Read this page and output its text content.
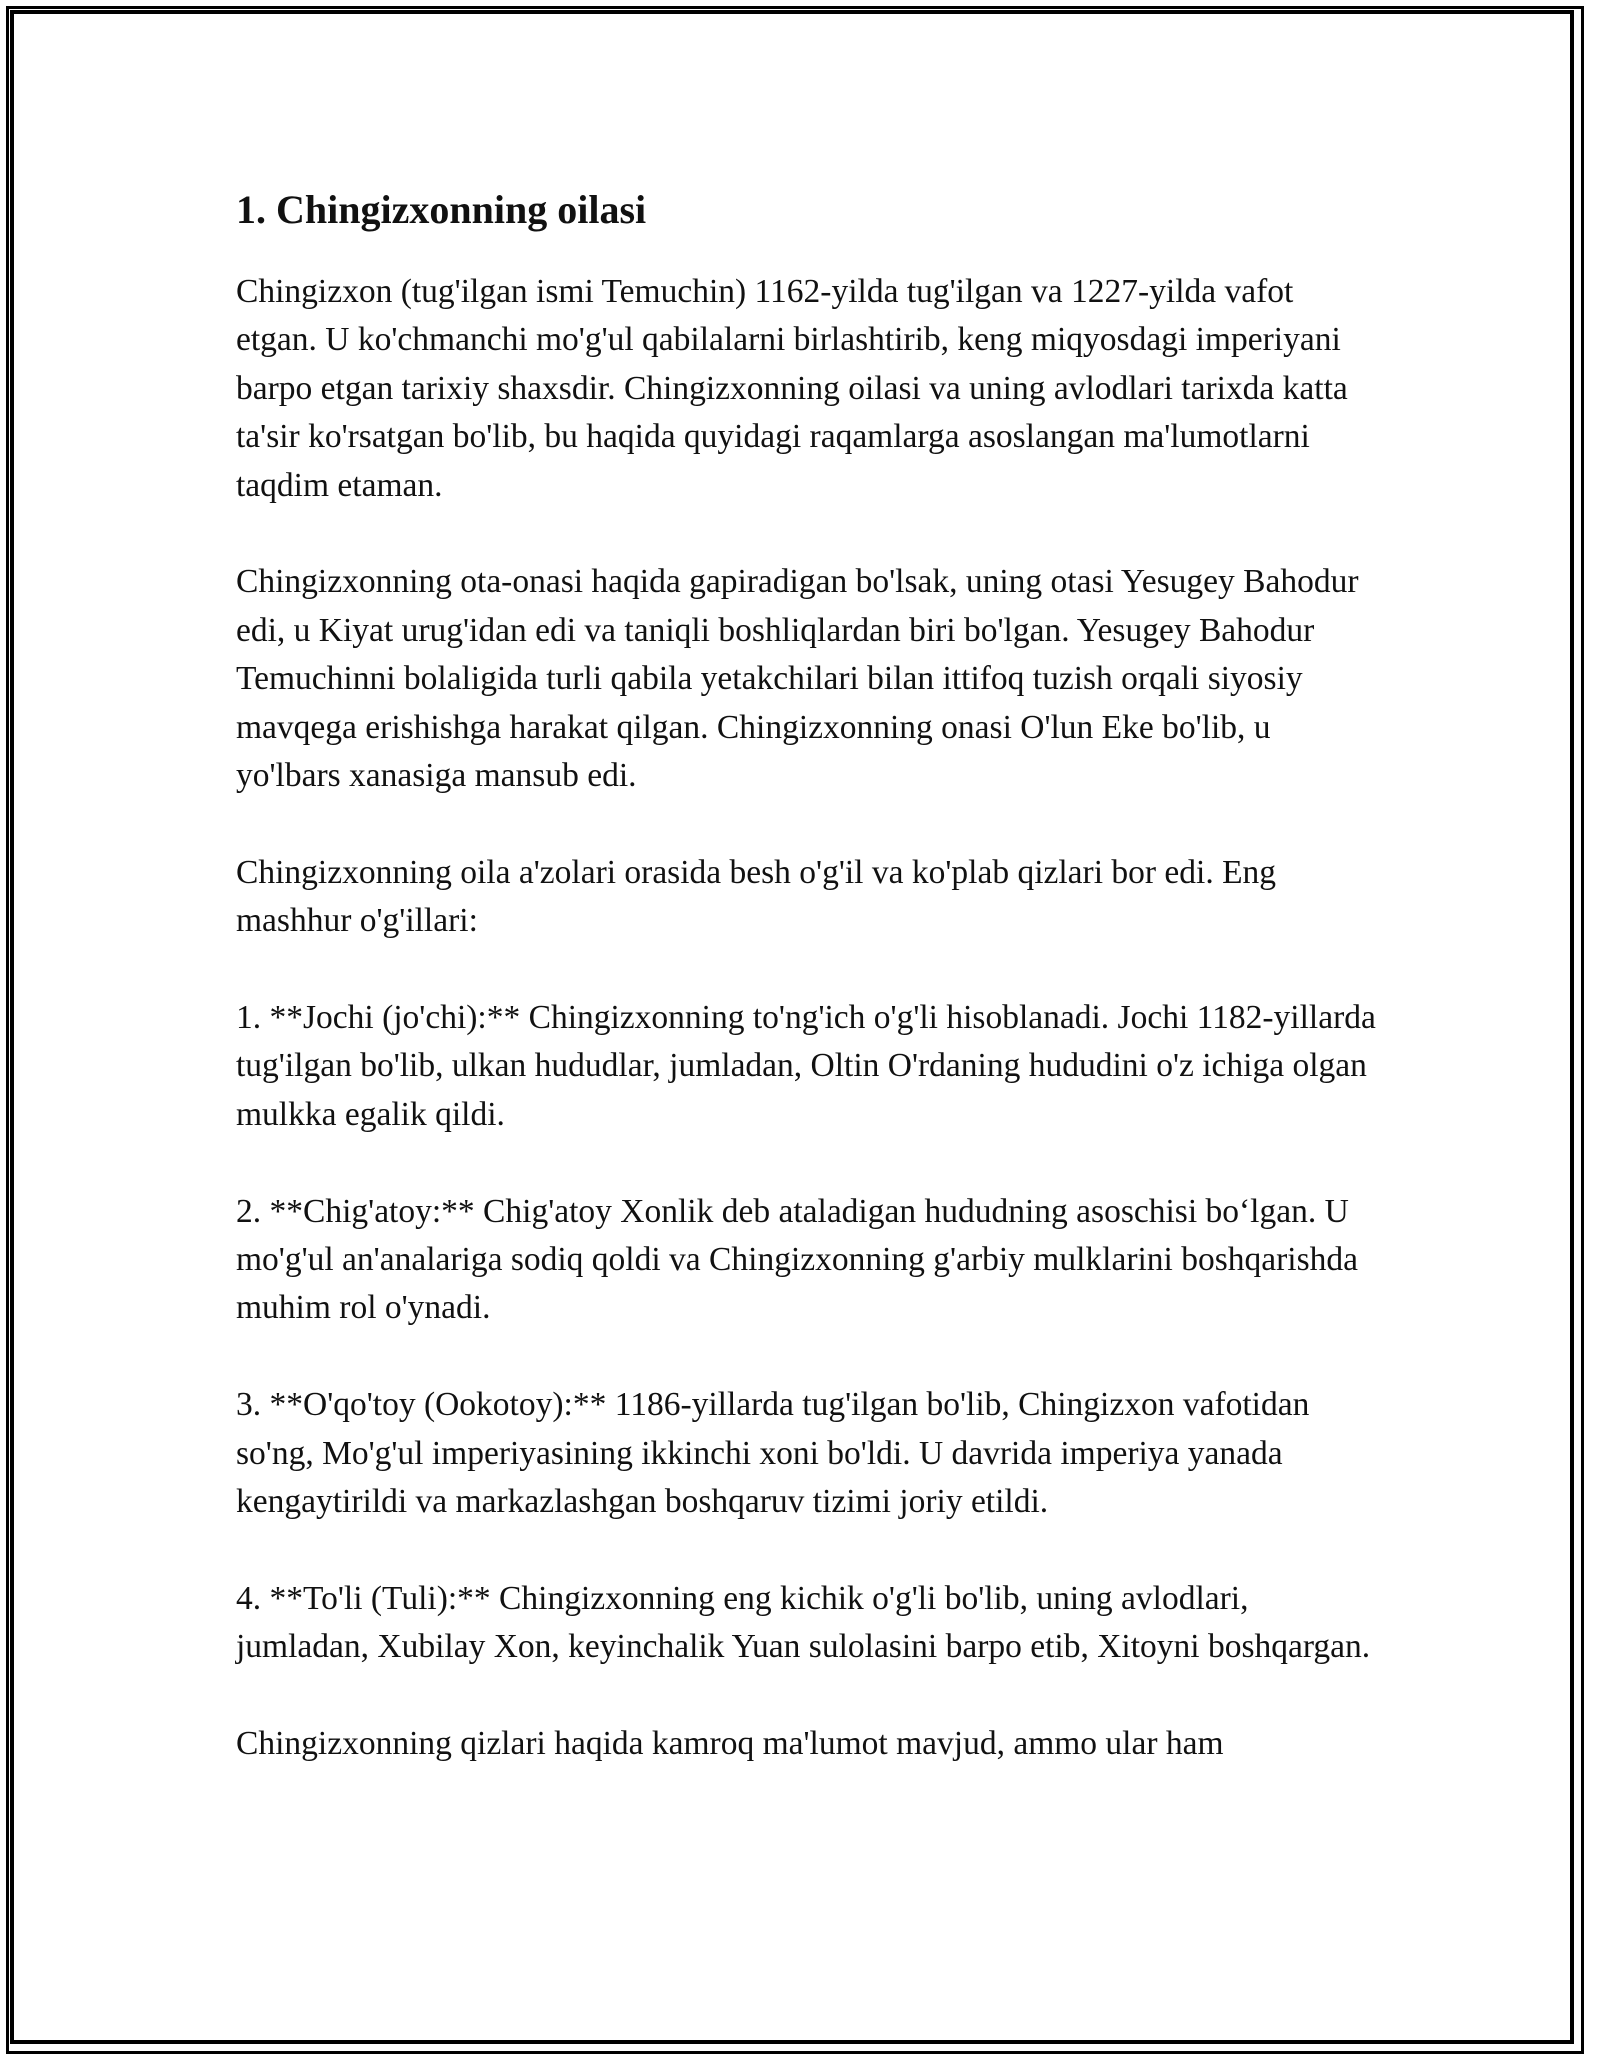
1. Chingizxonning oilasi

Chingizxon (tug'ilgan ismi Temuchin) 1162-yilda tug'ilgan va 1227-yilda vafot etgan. U ko'chmanchi mo'g'ul qabilalarni birlashtirib, keng miqyosdagi imperiyani barpo etgan tarixiy shaxsdir. Chingizxonning oilasi va uning avlodlari tarixda katta ta'sir ko'rsatgan bo'lib, bu haqida quyidagi raqamlarga asoslangan ma'lumotlarni taqdim etaman.

Chingizxonning ota-onasi haqida gapiradigan bo'lsak, uning otasi Yesugey Bahodur edi, u Kiyat urug'idan edi va taniqli boshliqlardan biri bo'lgan. Yesugey Bahodur Temuchinni bolaligida turli qabila yetakchilari bilan ittifoq tuzish orqali siyosiy mavqega erishishga harakat qilgan. Chingizxonning onasi O'lun Eke bo'lib, u yo'lbars xanasiga mansub edi.

Chingizxonning oila a'zolari orasida besh o'g'il va ko'plab qizlari bor edi. Eng mashhur o'g'illari:

1. **Jochi (jo'chi):** Chingizxonning to'ng'ich o'g'li hisoblanadi. Jochi 1182-yillarda tug'ilgan bo'lib, ulkan hududlar, jumladan, Oltin O'rdaning hududini o'z ichiga olgan mulkka egalik qildi.

2. **Chig'atoy:** Chig'atoy Xonlik deb ataladigan hududning asoschisi bo‘lgan. U mo'g'ul an'analariga sodiq qoldi va Chingizxonning g'arbiy mulklarini boshqarishda muhim rol o'ynadi.

3. **O'qo'toy (Ookotoy):** 1186-yillarda tug'ilgan bo'lib, Chingizxon vafotidan so'ng, Mo'g'ul imperiyasining ikkinchi xoni bo'ldi. U davrida imperiya yanada kengaytirildi va markazlashgan boshqaruv tizimi joriy etildi.

4. **To'li (Tuli):** Chingizxonning eng kichik o'g'li bo'lib, uning avlodlari, jumladan, Xubilay Xon, keyinchalik Yuan sulolasini barpo etib, Xitoyni boshqargan.

Chingizxonning qizlari haqida kamroq ma'lumot mavjud, ammo ular ham
